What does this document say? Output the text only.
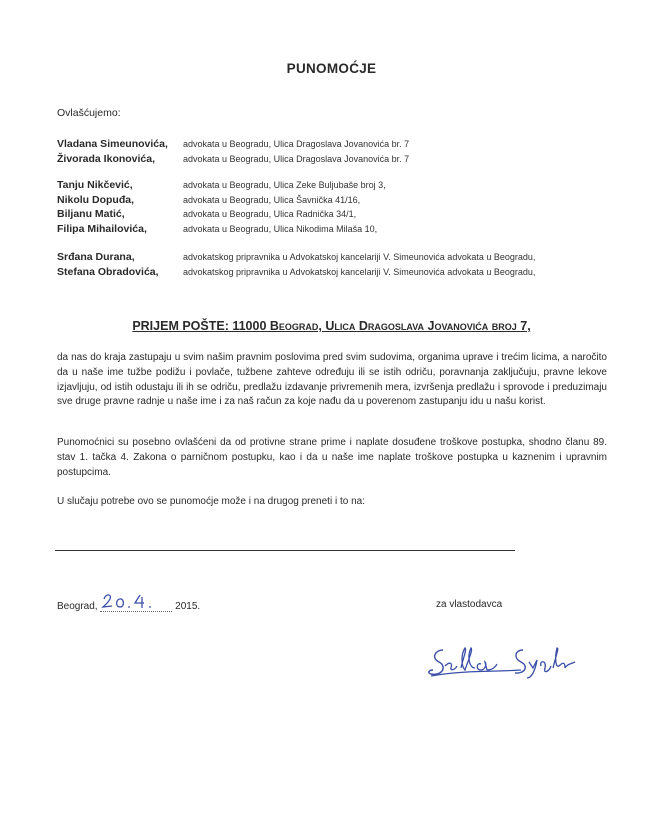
PUNOMOĆJE
Ovlašćujemo:
Vladana Simeunovića,	advokata u Beogradu, Ulica Dragoslava Jovanovića br. 7
Živorada Ikonovića,	advokata u Beogradu, Ulica Dragoslava Jovanovića br. 7
Tanju Nikčević,	advokata u Beogradu, Ulica Zeke Buljubaše broj 3,
Nikolu Dopuđa,	advokata u Beogradu, Ulica Šavnička 41/16,
Biljanu Matić,	advokata u Beogradu, Ulica Radnička 34/1,
Filipa Mihailovića,	advokata u Beogradu, Ulica Nikodima Milaša 10,
Srđana Durana,	advokatskog pripravnika u Advokatskoj kancelariji V. Simeunovića advokata u Beogradu,
Stefana Obradovića,	advokatskog pripravnika u Advokatskoj kancelariji V. Simeunovića advokata u Beogradu,
PRIJEM POŠTE: 11000 Beograd, Ulica Dragoslava Jovanovića broj 7,
da nas do kraja zastupaju u svim našim pravnim poslovima pred svim sudovima, organima uprave i trećim licima, a naročito da u naše ime tužbe podižu i povlače, tužbene zahteve određuju ili se istih odriču, poravnanja zaključuju, pravne lekove izjavljuju, od istih odustaju ili ih se odriču, predlažu izdavanje privremenih mera, izvršenja predlažu i sprovode i preduzimaju sve druge pravne radnje u naše ime i za naš račun za koje nađu da u poverenom zastupanju idu u našu korist.
Punomoćnici su posebno ovlašćeni da od protivne strane prime i naplate dosuđene troškove postupka, shodno članu 89. stav 1. tačka 4. Zakona o parničnom postupku, kao i da u naše ime naplate troškove postupka u kaznenim i upravnim postupcima.
U slučaju potrebe ovo se punomoćje može i na drugog preneti i to na:
Beograd,	2015.	za vlastodavca
